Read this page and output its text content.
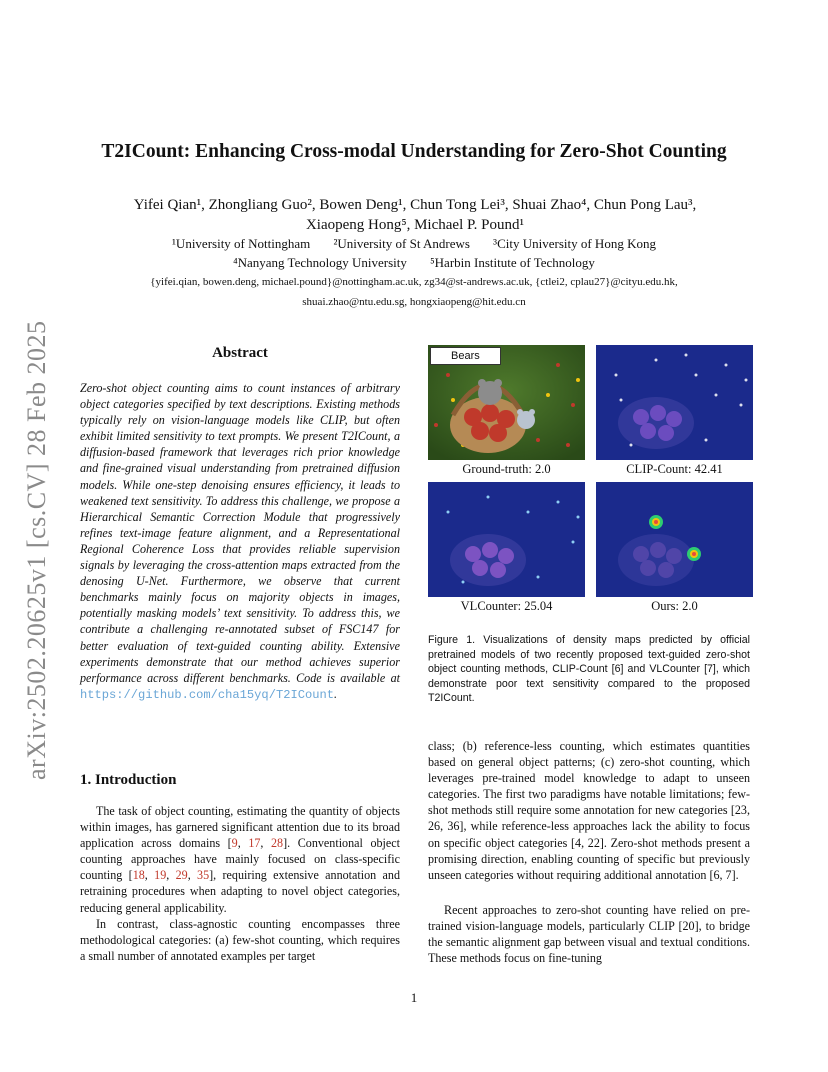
arXiv:2502.20625v1 [cs.CV] 28 Feb 2025
T2ICount: Enhancing Cross-modal Understanding for Zero-Shot Counting
Yifei Qian¹, Zhongliang Guo², Bowen Deng¹, Chun Tong Lei³, Shuai Zhao⁴, Chun Pong Lau³,
Xiaopeng Hong⁵, Michael P. Pound¹
¹University of Nottingham ²University of St Andrews ³City University of Hong Kong
⁴Nanyang Technology University ⁵Harbin Institute of Technology
{yifei.qian, bowen.deng, michael.pound}@nottingham.ac.uk, zg34@st-andrews.ac.uk, {ctlei2, cplau27}@cityu.edu.hk,
shuai.zhao@ntu.edu.sg, hongxiaopeng@hit.edu.cn
Abstract
Zero-shot object counting aims to count instances of arbitrary object categories specified by text descriptions. Existing methods typically rely on vision-language models like CLIP, but often exhibit limited sensitivity to text prompts. We present T2ICount, a diffusion-based framework that leverages rich prior knowledge and fine-grained visual understanding from pretrained diffusion models. While one-step denoising ensures efficiency, it leads to weakened text sensitivity. To address this challenge, we propose a Hierarchical Semantic Correction Module that progressively refines text-image feature alignment, and a Representational Regional Coherence Loss that provides reliable supervision signals by leveraging the cross-attention maps extracted from the denosing U-Net. Furthermore, we observe that current benchmarks mainly focus on majority objects in images, potentially masking models’ text sensitivity. To address this, we contribute a challenging re-annotated subset of FSC147 for better evaluation of text-guided counting ability. Extensive experiments demonstrate that our method achieves superior performance across different benchmarks. Code is available at https://github.com/cha15yq/T2ICount.
1. Introduction
The task of object counting, estimating the quantity of objects within images, has garnered significant attention due to its broad application across domains [9, 17, 28]. Conventional object counting approaches have mainly focused on class-specific counting [18, 19, 29, 35], requiring extensive annotation and retraining procedures when adapting to novel object categories, reducing general applicability.
In contrast, class-agnostic counting encompasses three methodological categories: (a) few-shot counting, which requires a small number of annotated examples per target
Bears
Ground-truth: 2.0	CLIP-Count: 42.41
VLCounter: 25.04	Ours: 2.0
Figure 1. Visualizations of density maps predicted by official pretrained models of two recently proposed text-guided zero-shot object counting methods, CLIP-Count [6] and VLCounter [7], which demonstrate poor text sensitivity compared to the proposed T2ICount.
class; (b) reference-less counting, which estimates quantities based on general object patterns; (c) zero-shot counting, which leverages pre-trained model knowledge to adapt to unseen categories. The first two paradigms have notable limitations; few-shot methods still require some annotation for new categories [23, 26, 36], while reference-less approaches lack the ability to focus on specific object categories [4, 22]. Zero-shot methods present a promising direction, enabling counting of specific but previously unseen categories without requiring additional annotation [6, 7].
Recent approaches to zero-shot counting have relied on pre-trained vision-language models, particularly CLIP [20], to bridge the semantic alignment gap between visual and textual conditions. These methods focus on fine-tuning
1
